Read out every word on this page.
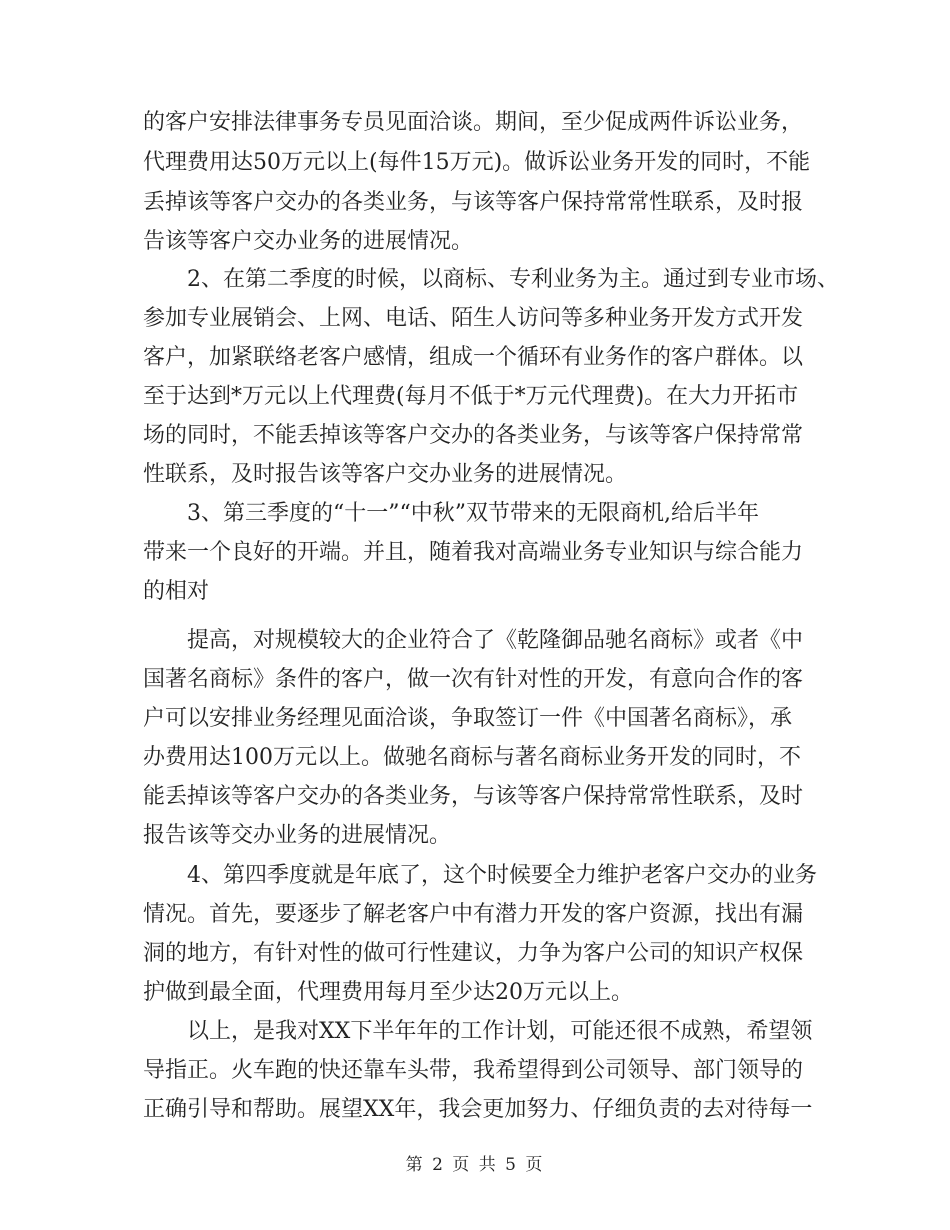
的客户安排法律事务专员见面洽谈。期间，至少促成两件诉讼业务，
代理费用达50万元以上(每件15万元)。做诉讼业务开发的同时，不能
丢掉该等客户交办的各类业务，与该等客户保持常常性联系，及时报
告该等客户交办业务的进展情况。
2、在第二季度的时候，以商标、专利业务为主。通过到专业市场、
参加专业展销会、上网、电话、陌生人访问等多种业务开发方式开发
客户，加紧联络老客户感情，组成一个循环有业务作的客户群体。以
至于达到*万元以上代理费(每月不低于*万元代理费)。在大力开拓市
场的同时，不能丢掉该等客户交办的各类业务，与该等客户保持常常
性联系，及时报告该等客户交办业务的进展情况。
3、第三季度的“十一”“中秋”双节带来的无限商机,给后半年
带来一个良好的开端。并且，随着我对高端业务专业知识与综合能力
的相对
提高，对规模较大的企业符合了《乾隆御品驰名商标》或者《中
国著名商标》条件的客户，做一次有针对性的开发，有意向合作的客
户可以安排业务经理见面洽谈，争取签订一件《中国著名商标》，承
办费用达100万元以上。做驰名商标与著名商标业务开发的同时，不
能丢掉该等客户交办的各类业务，与该等客户保持常常性联系，及时
报告该等交办业务的进展情况。
4、第四季度就是年底了，这个时候要全力维护老客户交办的业务
情况。首先，要逐步了解老客户中有潜力开发的客户资源，找出有漏
洞的地方，有针对性的做可行性建议，力争为客户公司的知识产权保
护做到最全面，代理费用每月至少达20万元以上。
以上，是我对XX下半年年的工作计划，可能还很不成熟，希望领
导指正。火车跑的快还靠车头带，我希望得到公司领导、部门领导的
正确引导和帮助。展望XX年，我会更加努力、仔细负责的去对待每一
第 2 页 共 5 页
